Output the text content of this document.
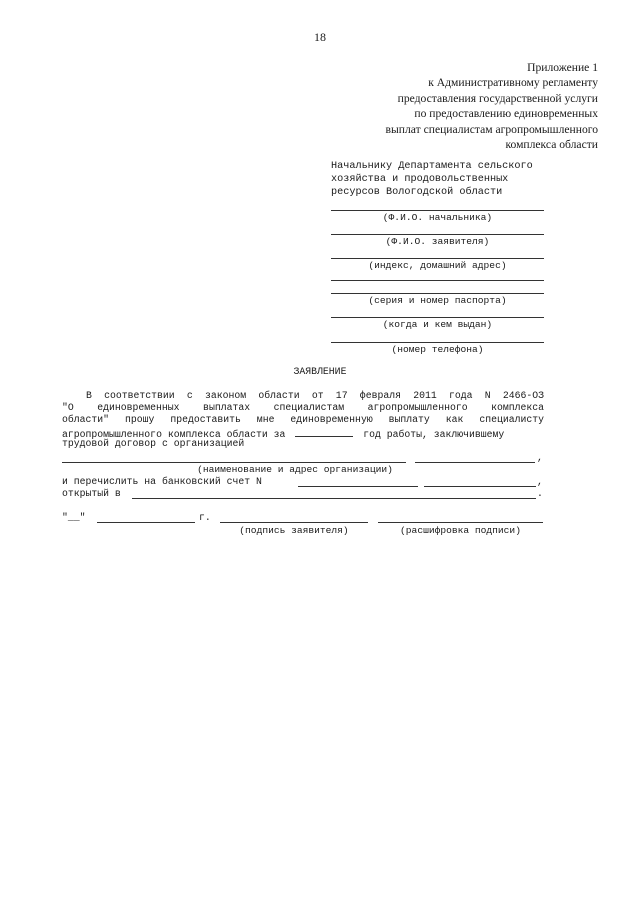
18
Приложение 1
к Административному регламенту
предоставления государственной услуги
по предоставлению единовременных
выплат специалистам агропромышленного
комплекса области
Начальнику Департамента сельского
хозяйства и продовольственных
ресурсов Вологодской области
(Ф.И.О. начальника)
(Ф.И.О. заявителя)
(индекс, домашний адрес)
(серия и номер паспорта)
(когда и кем выдан)
(номер телефона)
ЗАЯВЛЕНИЕ
В соответствии с законом области от 17 февраля 2011 года N 2466-ОЗ
"О единовременных выплатах специалистам агропромышленного комплекса
области" прошу предоставить мне единовременную выплату как специалисту
агропромышленного комплекса области за	год работы, заключившему
трудовой договор с организацией
,
(наименование и адрес организации)
и перечислить на банковский счет N	,
открытый в	.
"__"	г.
(подпись заявителя)	(расшифровка подписи)
